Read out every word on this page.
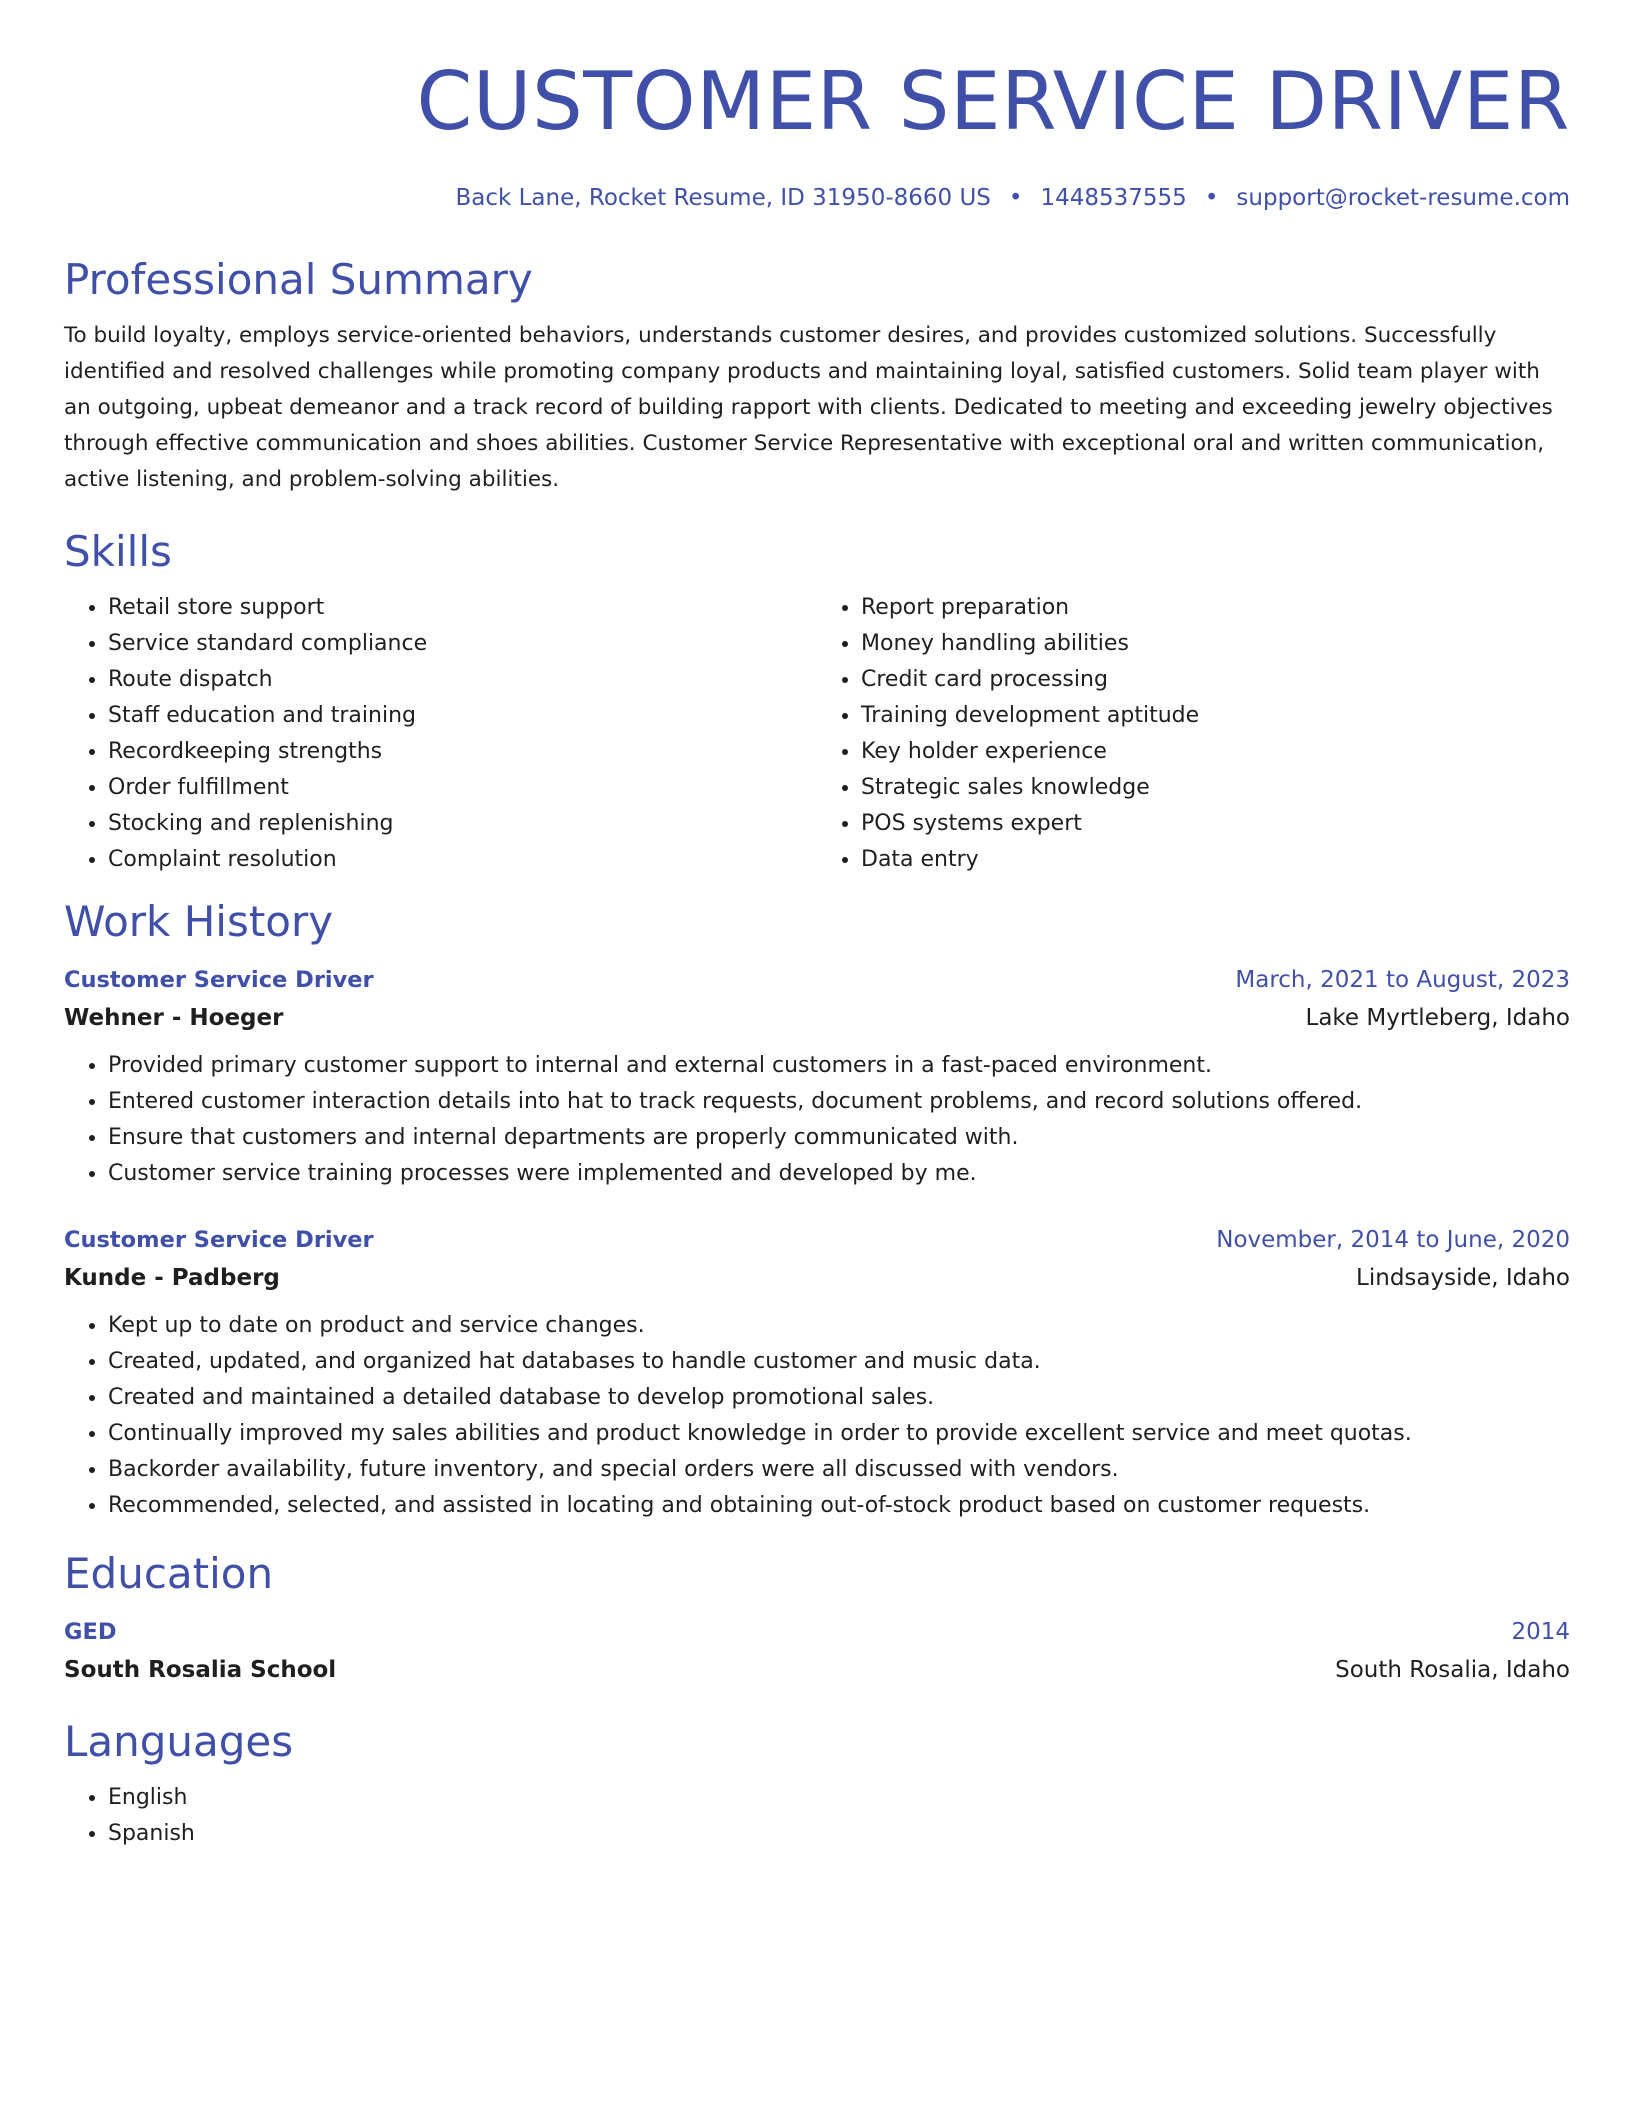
CUSTOMER SERVICE DRIVER
Back Lane, Rocket Resume, ID 31950-8660 US • 1448537555 • support@rocket-resume.com
Professional Summary
To build loyalty, employs service-oriented behaviors, understands customer desires, and provides customized solutions. Successfully identified and resolved challenges while promoting company products and maintaining loyal, satisfied customers. Solid team player with an outgoing, upbeat demeanor and a track record of building rapport with clients. Dedicated to meeting and exceeding jewelry objectives through effective communication and shoes abilities. Customer Service Representative with exceptional oral and written communication, active listening, and problem-solving abilities.
Skills
• Retail store support
• Service standard compliance
• Route dispatch
• Staff education and training
• Recordkeeping strengths
• Order fulfillment
• Stocking and replenishing
• Complaint resolution
• Report preparation
• Money handling abilities
• Credit card processing
• Training development aptitude
• Key holder experience
• Strategic sales knowledge
• POS systems expert
• Data entry
Work History
Customer Service Driver	March, 2021 to August, 2023
Wehner - Hoeger	Lake Myrtleberg, Idaho
• Provided primary customer support to internal and external customers in a fast-paced environment.
• Entered customer interaction details into hat to track requests, document problems, and record solutions offered.
• Ensure that customers and internal departments are properly communicated with.
• Customer service training processes were implemented and developed by me.
Customer Service Driver	November, 2014 to June, 2020
Kunde - Padberg	Lindsayside, Idaho
• Kept up to date on product and service changes.
• Created, updated, and organized hat databases to handle customer and music data.
• Created and maintained a detailed database to develop promotional sales.
• Continually improved my sales abilities and product knowledge in order to provide excellent service and meet quotas.
• Backorder availability, future inventory, and special orders were all discussed with vendors.
• Recommended, selected, and assisted in locating and obtaining out-of-stock product based on customer requests.
Education
GED	2014
South Rosalia School	South Rosalia, Idaho
Languages
• English
• Spanish
